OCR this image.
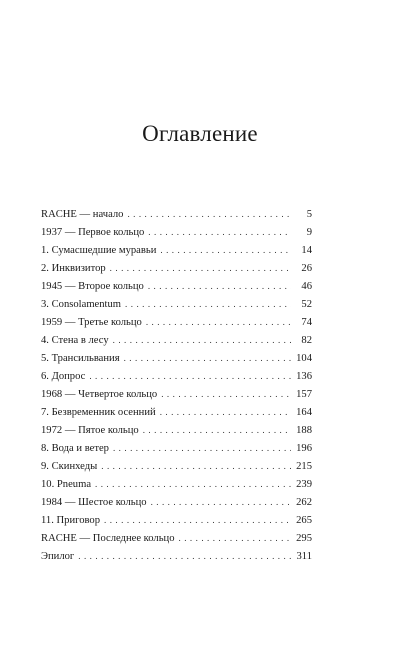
Оглавление
RACHE — начало . . .	5
1937 — Первое кольцо . . .	9
1. Сумасшедшие муравьи . . .	14
2. Инквизитор . . .	26
1945 — Второе кольцо . . .	46
3. Consolamentum . . .	52
1959 — Третье кольцо . . .	74
4. Стена в лесу . . .	82
5. Трансильвания . . .	104
6. Допрос . . .	136
1968 — Четвертое кольцо . . .	157
7. Безвременник осенний . . .	164
1972 — Пятое кольцо . . .	188
8. Вода и ветер . . .	196
9. Скинхеды . . .	215
10. Pneuma . . .	239
1984 — Шестое кольцо . . .	262
11. Приговор . . .	265
RACHE — Последнее кольцо . . .	295
Эпилог . . .	311
